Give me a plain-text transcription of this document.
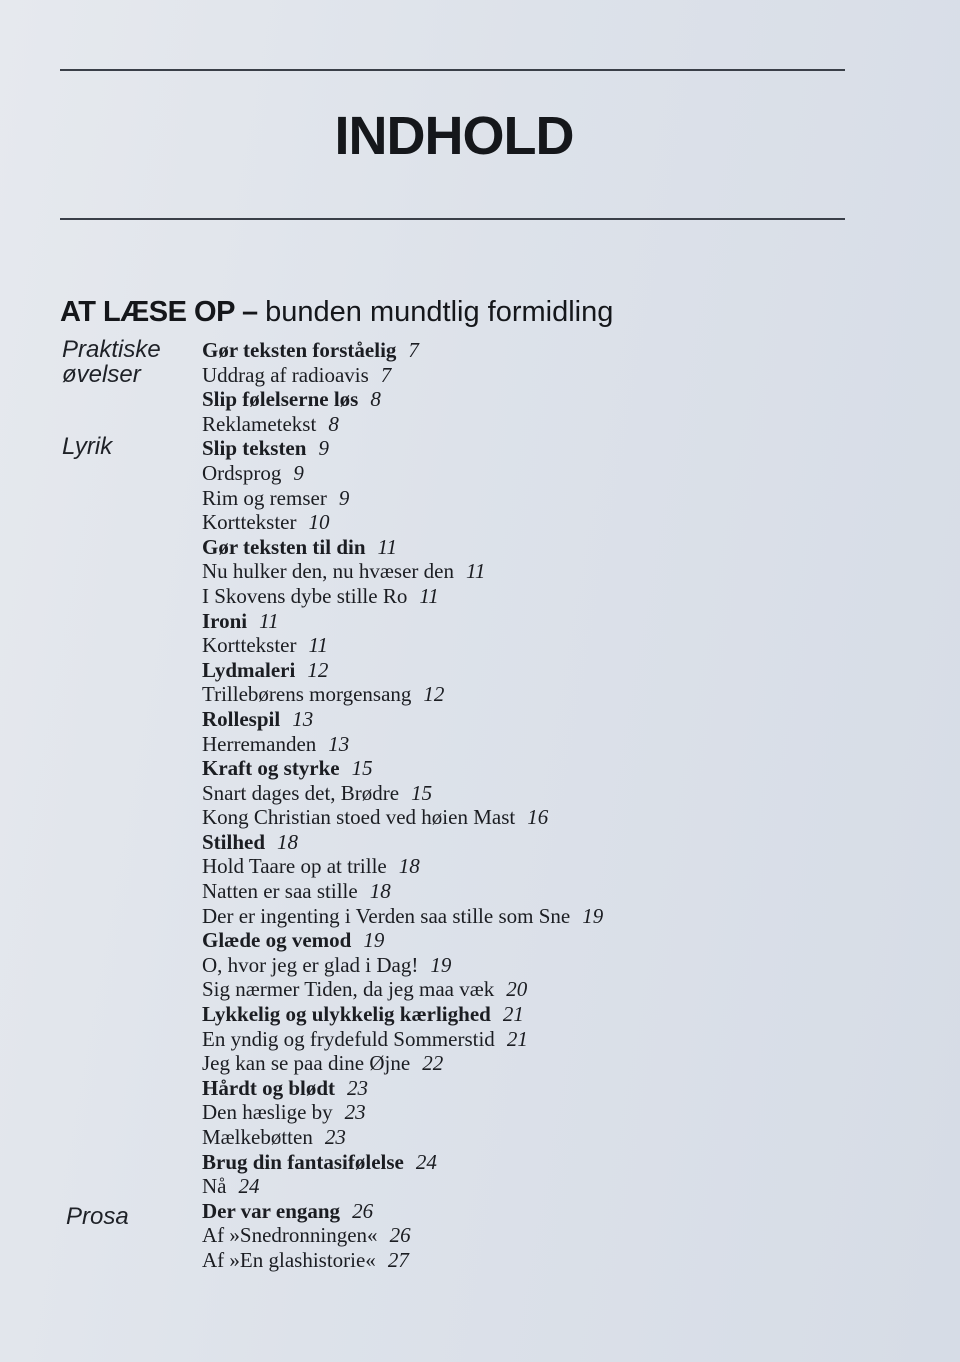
INDHOLD
AT LÆSE OP – bunden mundtlig formidling
Praktiske
øvelser
Lyrik
Prosa
Gør teksten forståelig 7
Uddrag af radioavis 7
Slip følelserne løs 8
Reklametekst 8
Slip teksten 9
Ordsprog 9
Rim og remser 9
Korttekster 10
Gør teksten til din 11
Nu hulker den, nu hvæser den 11
I Skovens dybe stille Ro 11
Ironi 11
Korttekster 11
Lydmaleri 12
Trillebørens morgensang 12
Rollespil 13
Herremanden 13
Kraft og styrke 15
Snart dages det, Brødre 15
Kong Christian stoed ved høien Mast 16
Stilhed 18
Hold Taare op at trille 18
Natten er saa stille 18
Der er ingenting i Verden saa stille som Sne 19
Glæde og vemod 19
O, hvor jeg er glad i Dag! 19
Sig nærmer Tiden, da jeg maa væk 20
Lykkelig og ulykkelig kærlighed 21
En yndig og frydefuld Sommerstid 21
Jeg kan se paa dine Øjne 22
Hårdt og blødt 23
Den hæslige by 23
Mælkebøtten 23
Brug din fantasifølelse 24
Nå 24
Der var engang 26
Af »Snedronningen« 26
Af »En glashistorie« 27
